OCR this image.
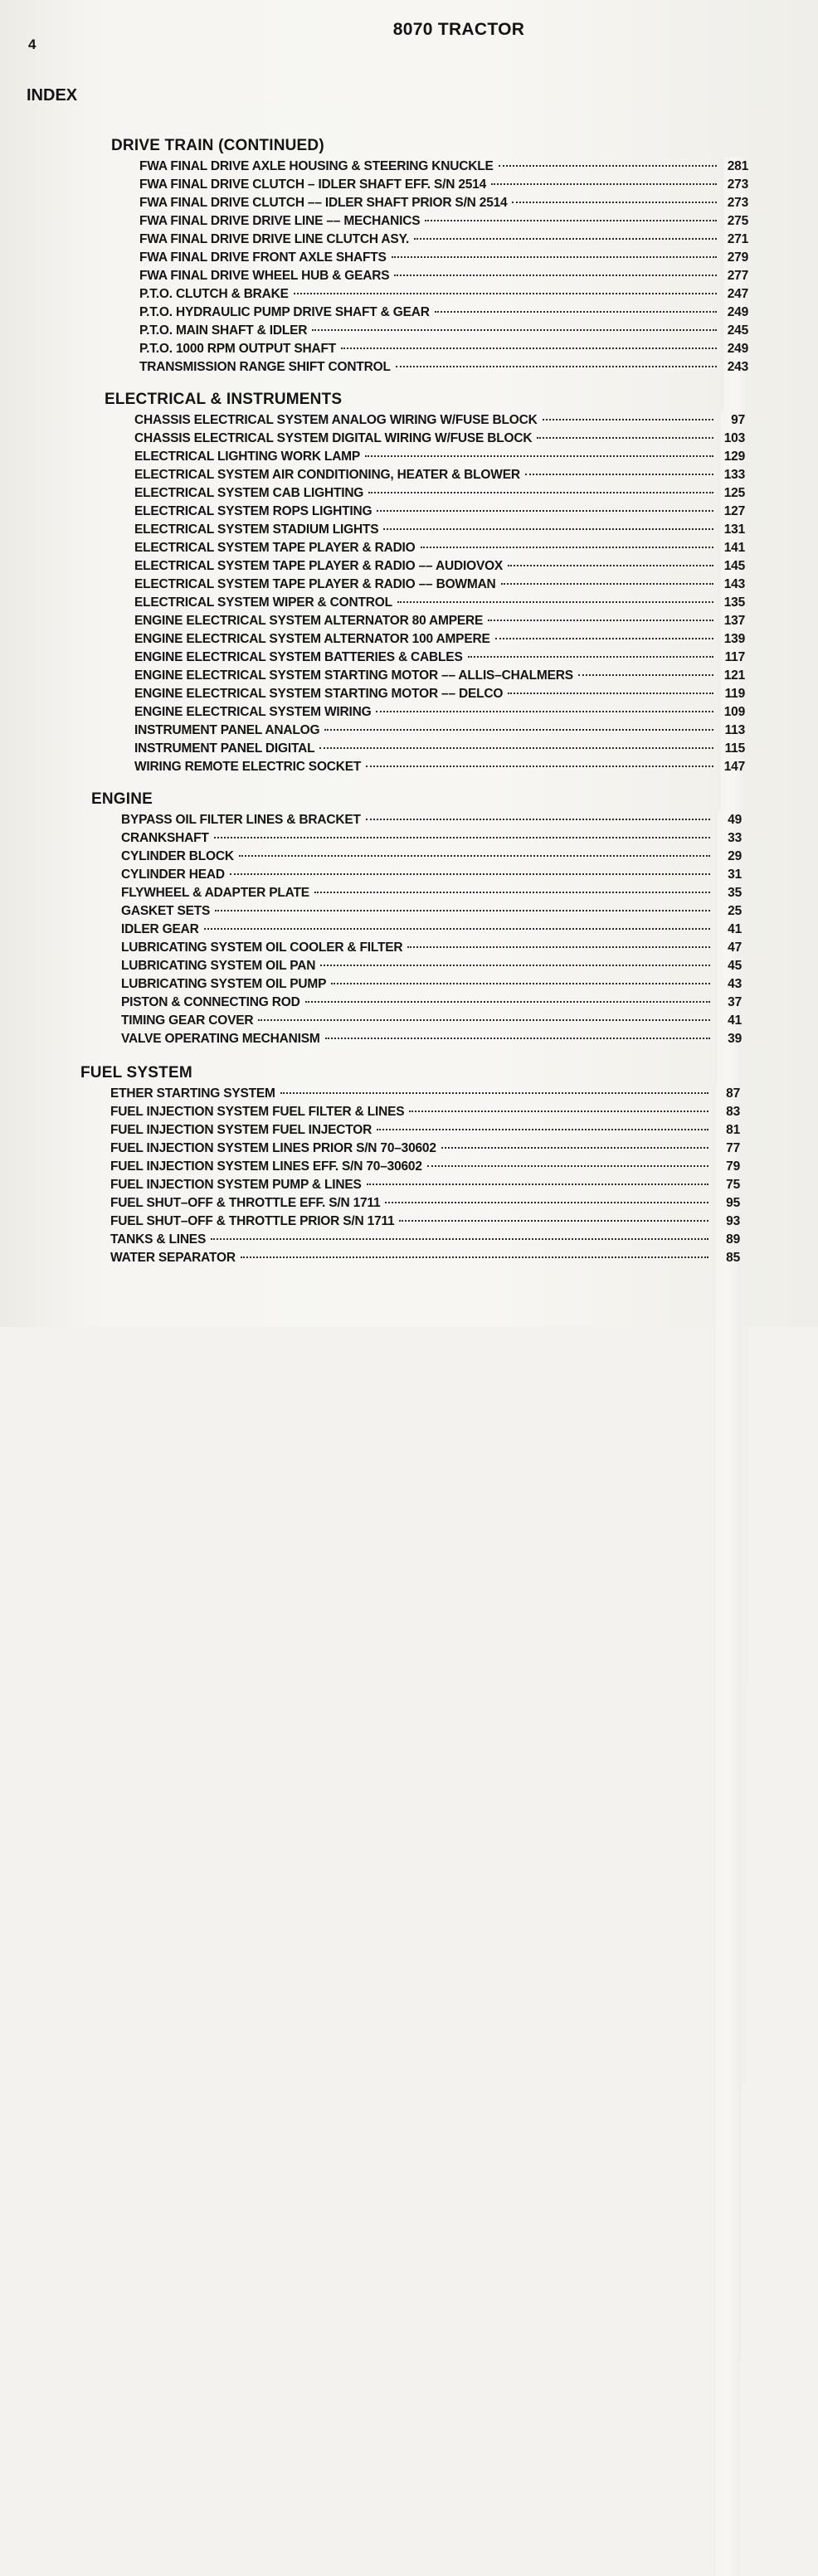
4
8070 TRACTOR
INDEX
DRIVE TRAIN (CONTINUED)
FWA FINAL DRIVE AXLE HOUSING & STEERING KNUCKLE	281
FWA FINAL DRIVE CLUTCH – IDLER SHAFT EFF. S/N 2514	273
FWA FINAL DRIVE CLUTCH –– IDLER SHAFT PRIOR S/N 2514	273
FWA FINAL DRIVE DRIVE LINE –– MECHANICS	275
FWA FINAL DRIVE DRIVE LINE CLUTCH ASY.	271
FWA FINAL DRIVE FRONT AXLE SHAFTS	279
FWA FINAL DRIVE WHEEL HUB & GEARS	277
P.T.O. CLUTCH & BRAKE	247
P.T.O. HYDRAULIC PUMP DRIVE SHAFT & GEAR	249
P.T.O. MAIN SHAFT & IDLER	245
P.T.O. 1000 RPM OUTPUT SHAFT	249
TRANSMISSION RANGE SHIFT CONTROL	243
ELECTRICAL & INSTRUMENTS
CHASSIS ELECTRICAL SYSTEM ANALOG WIRING W/FUSE BLOCK	97
CHASSIS ELECTRICAL SYSTEM DIGITAL WIRING W/FUSE BLOCK	103
ELECTRICAL LIGHTING WORK LAMP	129
ELECTRICAL SYSTEM AIR CONDITIONING, HEATER & BLOWER	133
ELECTRICAL SYSTEM CAB LIGHTING	125
ELECTRICAL SYSTEM ROPS LIGHTING	127
ELECTRICAL SYSTEM STADIUM LIGHTS	131
ELECTRICAL SYSTEM TAPE PLAYER & RADIO	141
ELECTRICAL SYSTEM TAPE PLAYER & RADIO –– AUDIOVOX	145
ELECTRICAL SYSTEM TAPE PLAYER & RADIO –– BOWMAN	143
ELECTRICAL SYSTEM WIPER & CONTROL	135
ENGINE ELECTRICAL SYSTEM ALTERNATOR 80 AMPERE	137
ENGINE ELECTRICAL SYSTEM ALTERNATOR 100 AMPERE	139
ENGINE ELECTRICAL SYSTEM BATTERIES & CABLES	117
ENGINE ELECTRICAL SYSTEM STARTING MOTOR –– ALLIS–CHALMERS	121
ENGINE ELECTRICAL SYSTEM STARTING MOTOR –– DELCO	119
ENGINE ELECTRICAL SYSTEM WIRING	109
INSTRUMENT PANEL ANALOG	113
INSTRUMENT PANEL DIGITAL	115
WIRING REMOTE ELECTRIC SOCKET	147
ENGINE
BYPASS OIL FILTER LINES & BRACKET	49
CRANKSHAFT	33
CYLINDER BLOCK	29
CYLINDER HEAD	31
FLYWHEEL & ADAPTER PLATE	35
GASKET SETS	25
IDLER GEAR	41
LUBRICATING SYSTEM OIL COOLER & FILTER	47
LUBRICATING SYSTEM OIL PAN	45
LUBRICATING SYSTEM OIL PUMP	43
PISTON & CONNECTING ROD	37
TIMING GEAR COVER	41
VALVE OPERATING MECHANISM	39
FUEL SYSTEM
ETHER STARTING SYSTEM	87
FUEL INJECTION SYSTEM FUEL FILTER & LINES	83
FUEL INJECTION SYSTEM FUEL INJECTOR	81
FUEL INJECTION SYSTEM LINES PRIOR S/N 70–30602	77
FUEL INJECTION SYSTEM LINES EFF. S/N 70–30602	79
FUEL INJECTION SYSTEM PUMP & LINES	75
FUEL SHUT–OFF & THROTTLE EFF. S/N 1711	95
FUEL SHUT–OFF & THROTTLE PRIOR S/N 1711	93
TANKS & LINES	89
WATER SEPARATOR	85
